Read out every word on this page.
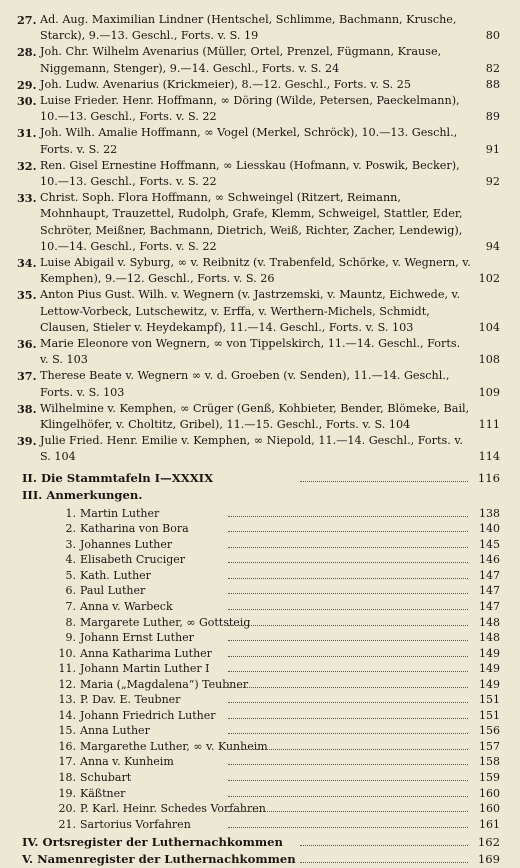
27. Ad. Aug. Maximilian Lindner (Hentschel, Schlimme, Bachmann, Krusche, Starck), 9.—13. Geschl., Forts. v. S. 19	80
28. Joh. Chr. Wilhelm Avenarius (Müller, Ortel, Prenzel, Fügmann, Krause, Niggemann, Stenger), 9.—14. Geschl., Forts. v. S. 24	82
29. Joh. Ludw. Avenarius (Krickmeier), 8.—12. Geschl., Forts. v. S. 25	88
30. Luise Frieder. Henr. Hoffmann, ∞ Döring (Wilde, Petersen, Paeckelmann), 10.—13. Geschl., Forts. v. S. 22	89
31. Joh. Wilh. Amalie Hoffmann, ∞ Vogel (Merkel, Schröck), 10.—13. Geschl., Forts. v. S. 22	91
32. Ren. Gisel Ernestine Hoffmann, ∞ Liesskau (Hofmann, v. Poswik, Becker), 10.—13. Geschl., Forts. v. S. 22	92
33. Christ. Soph. Flora Hoffmann, ∞ Schweingel (Ritzert, Reimann, Mohnhaupt, Trauzettel, Rudolph, Grafe, Klemm, Schweigel, Stattler, Eder, Schröter, Meißner, Bachmann, Dietrich, Weiß, Richter, Zacher, Lendewig), 10.—14. Geschl., Forts. v. S. 22	94
34. Luise Abigail v. Syburg, ∞ v. Reibnitz (v. Trabenfeld, Schörke, v. Wegnern, v. Kemphen), 9.—12. Geschl., Forts. v. S. 26	102
35. Anton Pius Gust. Wilh. v. Wegnern (v. Jastrzemski, v. Mauntz, Eichwede, v. Lettow-Vorbeck, Lutschewitz, v. Erffa, v. Werthern-Michels, Schmidt, Clausen, Stieler v. Heydekampf), 11.—14. Geschl., Forts. v. S. 103	104
36. Marie Eleonore von Wegnern, ∞ von Tippelskirch, 11.—14. Geschl., Forts. v. S. 103	108
37. Therese Beate v. Wegnern ∞ v. d. Groeben (v. Senden), 11.—14. Geschl., Forts. v. S. 103	109
38. Wilhelmine v. Kemphen, ∞ Crüger (Genß, Kohbieter, Bender, Blömeke, Bail, Klingelhöfer, v. Choltitz, Gribel), 11.—15. Geschl., Forts. v. S. 104	111
39. Julie Fried. Henr. Emilie v. Kemphen, ∞ Niepold, 11.—14. Geschl., Forts. v. S. 104	114
II. Die Stammtafeln I—XXXIX	116
III. Anmerkungen.
1. Martin Luther	138
2. Katharina von Bora	140
3. Johannes Luther	145
4. Elisabeth Cruciger	146
5. Kath. Luther	147
6. Paul Luther	147
7. Anna v. Warbeck	147
8. Margarete Luther, ∞ Gottsteig	148
9. Johann Ernst Luther	148
10. Anna Katharima Luther	149
11. Johann Martin Luther I	149
12. Maria („Magdalena“) Teubner	149
13. P. Dav. E. Teubner	151
14. Johann Friedrich Luther	151
15. Anna Luther	156
16. Margarethe Luther, ∞ v. Kunheim	157
17. Anna v. Kunheim	158
18. Schubart	159
19. Käßtner	160
20. P. Karl. Heinr. Schedes Vorfahren	160
21. Sartorius Vorfahren	161
IV. Ortsregister der Luthernachkommen	162
V. Namenregister der Luthernachkommen	169
